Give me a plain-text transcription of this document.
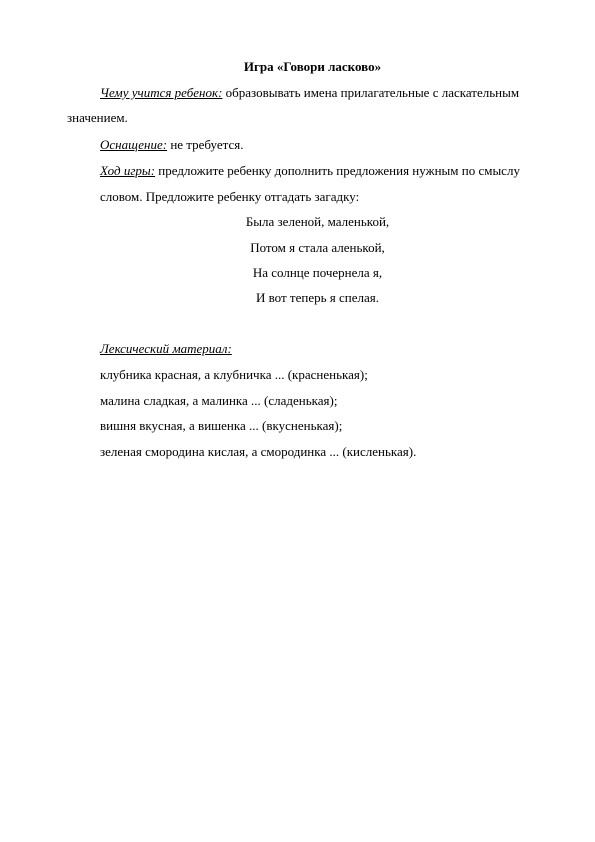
Игра «Говори ласково»
Чему учится ребенок: образовывать имена прилагательные с ласкательным
значением.
Оснащение: не требуется.
Ход игры: предложите ребенку дополнить предложения нужным по смыслу
словом. Предложите ребенку отгадать загадку:
Была зеленой, маленькой,
Потом я стала аленькой,
На солнце почернела я,
И вот теперь я спелая.
Лексический материал:
клубника красная, а клубничка ... (красненькая);
малина сладкая, а малинка ... (сладенькая);
вишня вкусная, а вишенка ... (вкусненькая);
зеленая смородина кислая, а смородинка ... (кисленькая).
